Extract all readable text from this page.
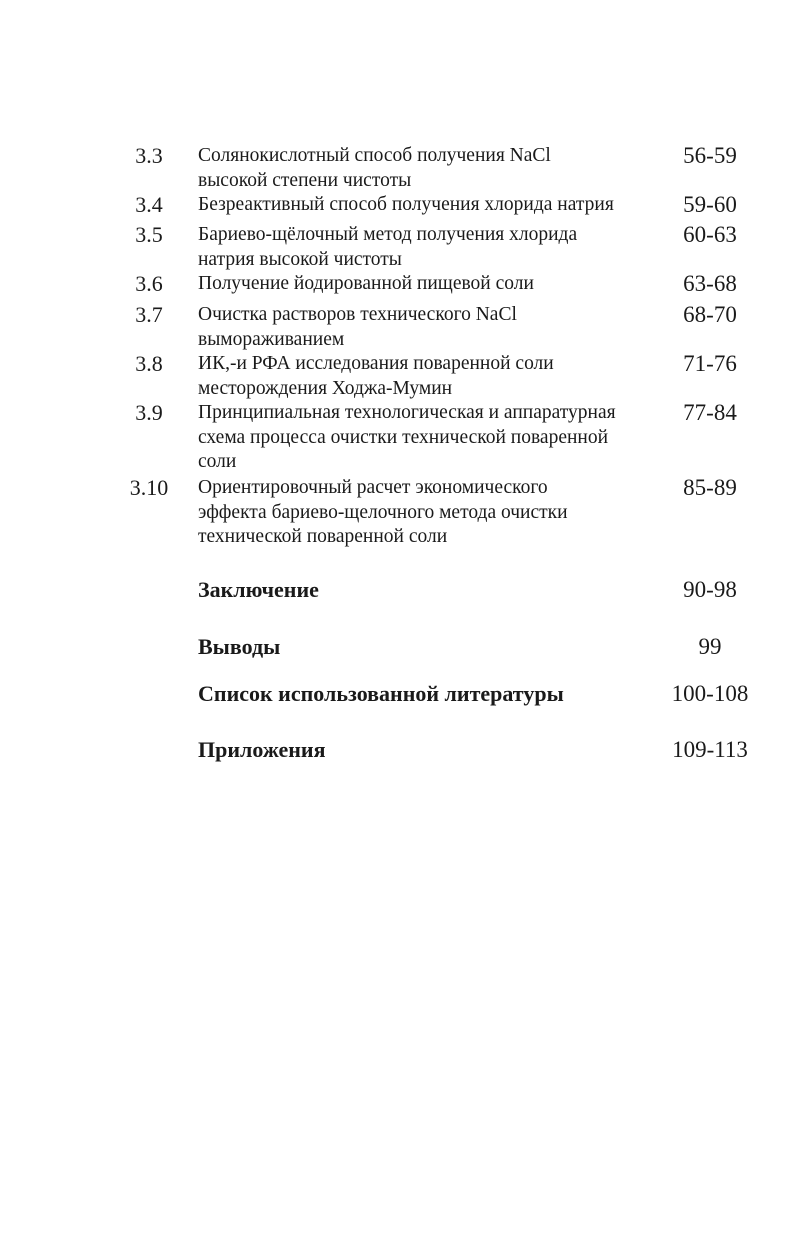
3.3	Солянокислотный способ получения NaCl
высокой степени чистоты
56-59
3.4	Безреактивный способ получения хлорида натрия	59-60
3.5	Бариево-щёлочный метод получения хлорида
натрия высокой чистоты
60-63
3.6	Получение йодированной пищевой соли	63-68
3.7	Очистка растворов технического NaCl
вымораживанием
68-70
3.8	ИК,-и РФА исследования поваренной соли
месторождения Ходжа-Мумин
71-76
3.9	Принципиальная технологическая и аппаратурная
схема процесса очистки технической поваренной
соли
77-84
3.10 Ориентировочный расчет экономического
эффекта бариево-щелочного метода очистки
технической поваренной соли
85-89
Заключение	90-98
Выводы	99
Список использованной литературы	100-108
Приложения	109-113
